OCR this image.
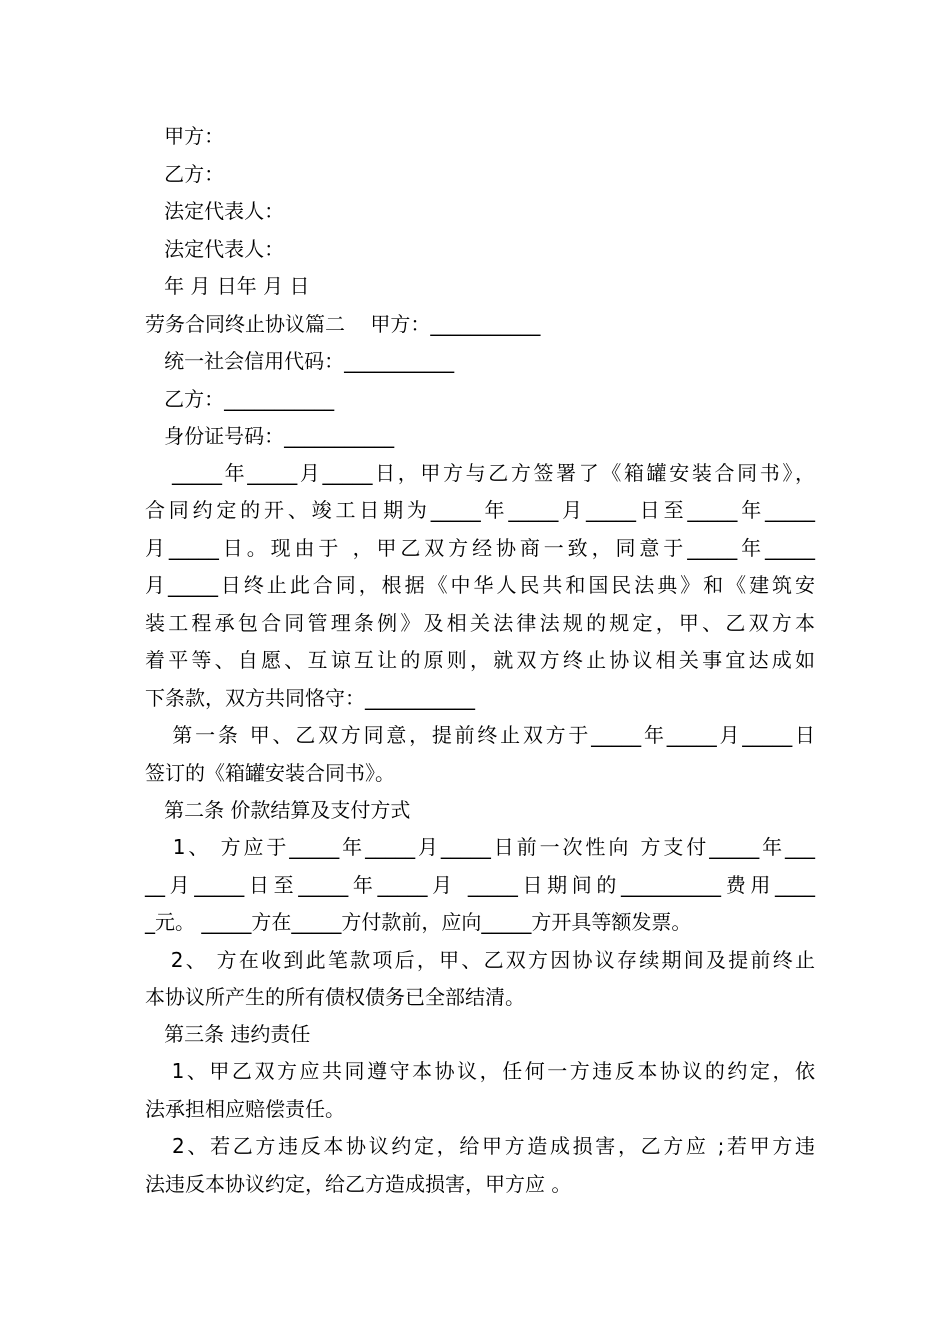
甲方：
乙方：
法定代表人：
法定代表人：
年 月 日年 月 日
劳务合同终止协议篇二    甲方：___________
统一社会信用代码：___________
乙方：___________
身份证号码：___________
_____年_____月_____日，甲方与乙方签署了《箱罐安装合同书》，
合同约定的开、竣工日期为_____年_____月_____日至_____年_____
月_____日。现由于 ，甲乙双方经协商一致，同意于_____年_____
月_____日终止此合同，根据《中华人民共和国民法典》和《建筑安
装工程承包合同管理条例》及相关法律法规的规定，甲、乙双方本
着平等、自愿、互谅互让的原则，就双方终止协议相关事宜达成如
下条款，双方共同恪守：___________
第一条 甲、乙双方同意，提前终止双方于_____年_____月_____日
签订的《箱罐安装合同书》。
第二条 价款结算及支付方式
1、 方应于_____年_____月_____日前一次性向 方支付_____年___
__月_____日至_____年_____月 _____日期间的__________费用____
_元。 _____方在_____方付款前，应向_____方开具等额发票。
2、 方在收到此笔款项后，甲、乙双方因协议存续期间及提前终止
本协议所产生的所有债权债务已全部结清。
第三条 违约责任
1、甲乙双方应共同遵守本协议，任何一方违反本协议的约定，依
法承担相应赔偿责任。
2、若乙方违反本协议约定，给甲方造成损害，乙方应 ;若甲方违
法违反本协议约定，给乙方造成损害，甲方应 。
